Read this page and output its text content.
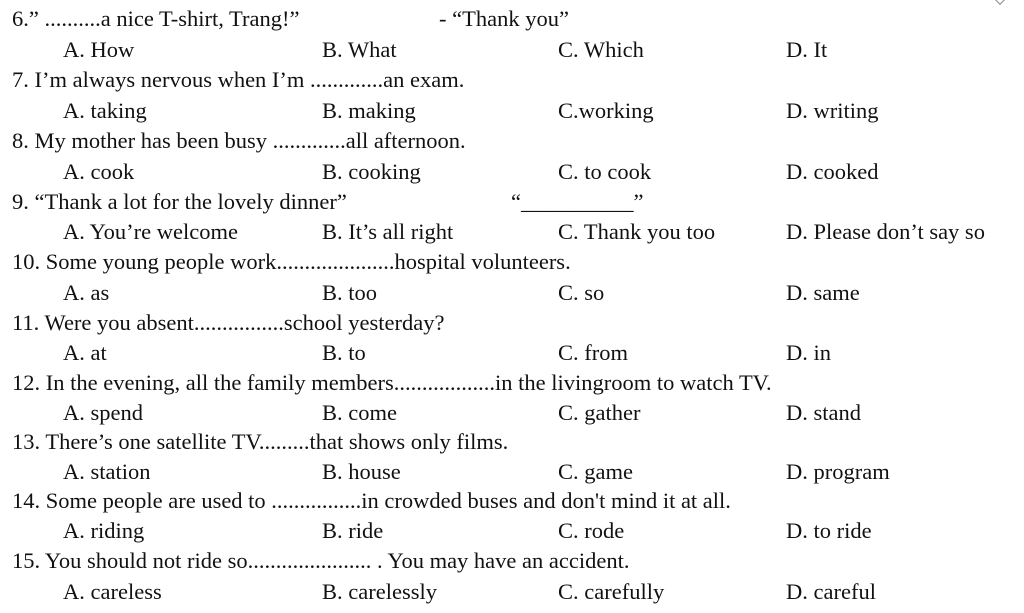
6.” ..........a nice T-shirt, Trang!”	- “Thank you”
A. How	B. What	C. Which	D. It
7. I’m always nervous when I’m .............an exam.
A. taking	B. making	C.working	D. writing
8. My mother has been busy .............all afternoon.
A. cook	B. cooking	C. to cook	D. cooked
9. “Thank a lot for the lovely dinner”	“__________”
A. You’re welcome	B. It’s all right	C. Thank you too	D. Please don’t say so
10. Some young people work.....................hospital volunteers.
A. as	B. too	C. so	D. same
11. Were you absent................school yesterday?
A. at	B. to	C. from	D. in
12. In the evening, all the family members..................in the livingroom to watch TV.
A. spend	B. come	C. gather	D. stand
13. There’s one satellite TV.........that shows only films.
A. station	B. house	C. game	D. program
14. Some people are used to ................in crowded buses and don't mind it at all.
A. riding	B. ride	C. rode	D. to ride
15. You should not ride so...................... . You may have an accident.
A. careless	B. carelessly	C. carefully	D. careful
